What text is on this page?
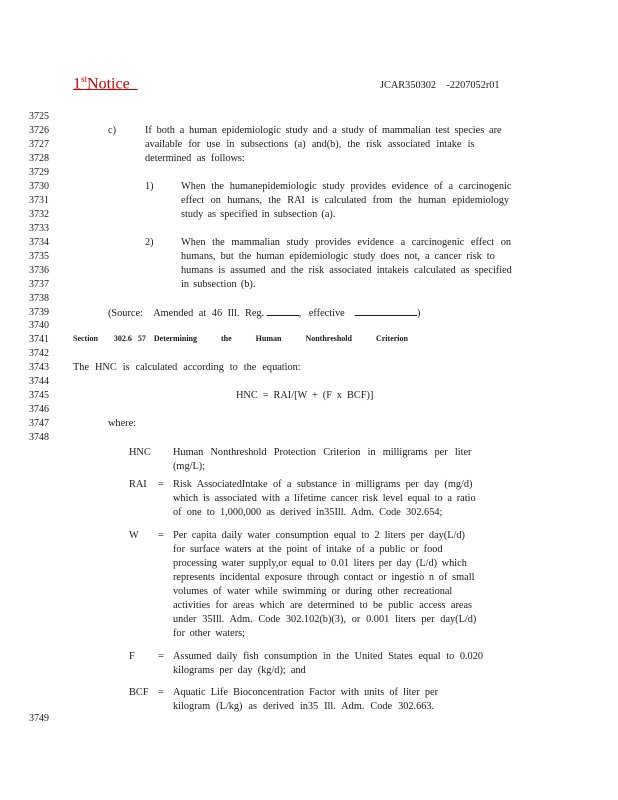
1stNotice	JCAR350302 -2207052r01
3725
3726
3727
3728
3729
3730
3731
3732
3733
3734
3735
3736
3737
3738
3739
3740
3741
3742
3743
3744
3745
3746
3747
3748
3749
c)	If both a human epidemiologic study and a study of mammalian test species are
available for use in subsections (a) and(b), the risk associated intake is
determined as follows:
1)	When the humanepidemiologic study provides evidence of a carcinogenic
effect on humans, the RAI is calculated from the human epidemiology
study as specified in subsection (a).
2)	When the mammalian study provides evidence a carcinogenic effect on
humans, but the human epidemiologic study does not, a cancer risk to
humans is assumed and the risk associated intakeis calculated as specified
in subsection (b).
(Source: Amended at 46 Ill. Reg.	, effective	)
Section 302.6 57 Determining the Human Nonthreshold Criterion
The HNC is calculated according to the equation:
HNC = RAI/[W + (F x BCF)]
where:
HNC Human Nonthreshold Protection Criterion in milligrams per liter
(mg/L);
RAI = Risk AssociatedIntake of a substance in milligrams per day (mg/d)
which is associated with a lifetime cancer risk level equal to a ratio
of one to 1,000,000 as derived in35Ill. Adm. Code 302.654;
W = Per capita daily water consumption equal to 2 liters per day(L/d)
for surface waters at the point of intake of a public or food
processing water supply,or equal to 0.01 liters per day (L/d) which
represents incidental exposure through contact or ingestio n of small
volumes of water while swimming or during other recreational
activities for areas which are determined to be public access areas
under 35Ill. Adm. Code 302.102(b)(3), or 0.001 liters per day(L/d)
for other waters;
F = Assumed daily fish consumption in the United States equal to 0.020
kilograms per day (kg/d); and
BCF = Aquatic Life Bioconcentration Factor with units of liter per
kilogram (L/kg) as derived in35 Ill. Adm. Code 302.663.
